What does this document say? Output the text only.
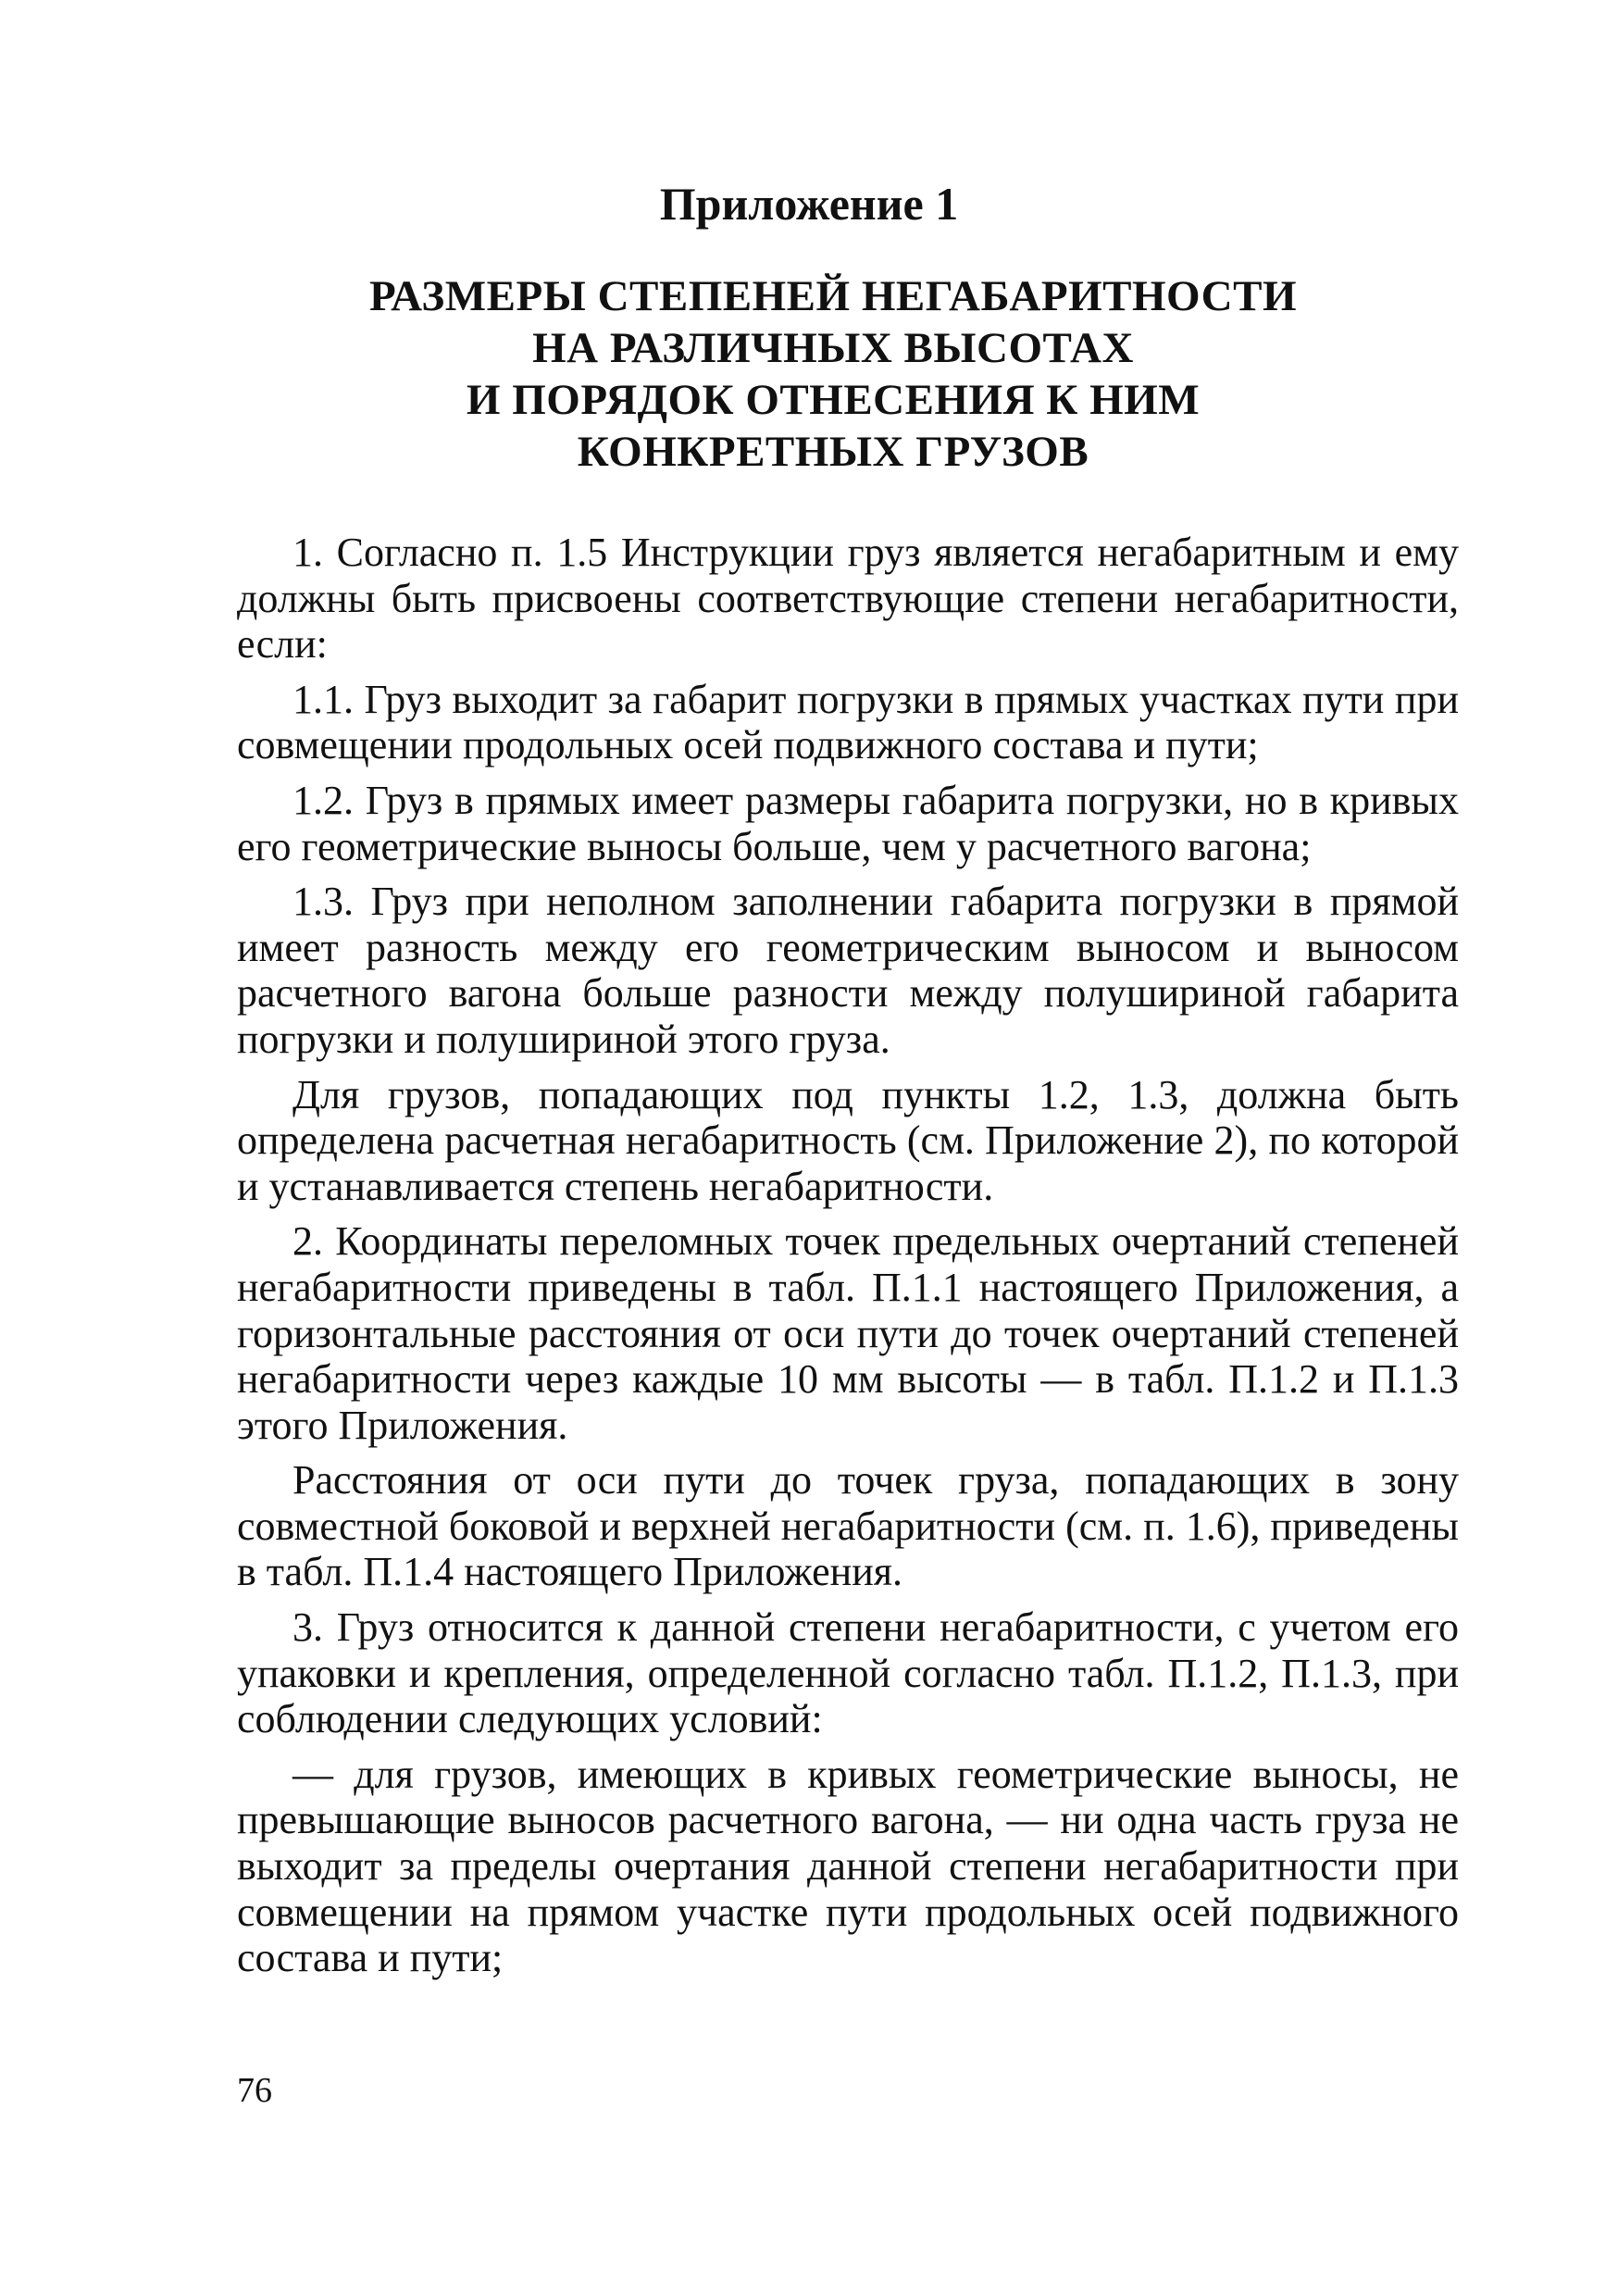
Приложение 1
РАЗМЕРЫ СТЕПЕНЕЙ НЕГАБАРИТНОСТИ
НА РАЗЛИЧНЫХ ВЫСОТАХ
И ПОРЯДОК ОТНЕСЕНИЯ К НИМ
КОНКРЕТНЫХ ГРУЗОВ

1. Согласно п. 1.5 Инструкции груз является негабаритным и ему должны быть присвоены соответствующие степени негабаритности, если:

1.1. Груз выходит за габарит погрузки в прямых участках пути при совмещении продольных осей подвижного состава и пути;

1.2. Груз в прямых имеет размеры габарита погрузки, но в кривых его геометрические выносы больше, чем у расчетного вагона;

1.3. Груз при неполном заполнении габарита погрузки в прямой имеет разность между его геометрическим выносом и выносом расчетного вагона больше разности между полушириной габарита погрузки и полушириной этого груза.

Для грузов, попадающих под пункты 1.2, 1.3, должна быть определена расчетная негабаритность (см. Приложение 2), по которой и устанавливается степень негабаритности.

2. Координаты переломных точек предельных очертаний степеней негабаритности приведены в табл. П.1.1 настоящего Приложения, а горизонтальные расстояния от оси пути до точек очертаний степеней негабаритности через каждые 10 мм высоты — в табл. П.1.2 и П.1.3 этого Приложения.

Расстояния от оси пути до точек груза, попадающих в зону совместной боковой и верхней негабаритности (см. п. 1.6), приведены в табл. П.1.4 настоящего Приложения.

3. Груз относится к данной степени негабаритности, с учетом его упаковки и крепления, определенной согласно табл. П.1.2, П.1.3, при соблюдении следующих условий:

— для грузов, имеющих в кривых геометрические выносы, не превышающие выносов расчетного вагона, — ни одна часть груза не выходит за пределы очертания данной степени негабаритности при совмещении на прямом участке пути продольных осей подвижного состава и пути;

76
